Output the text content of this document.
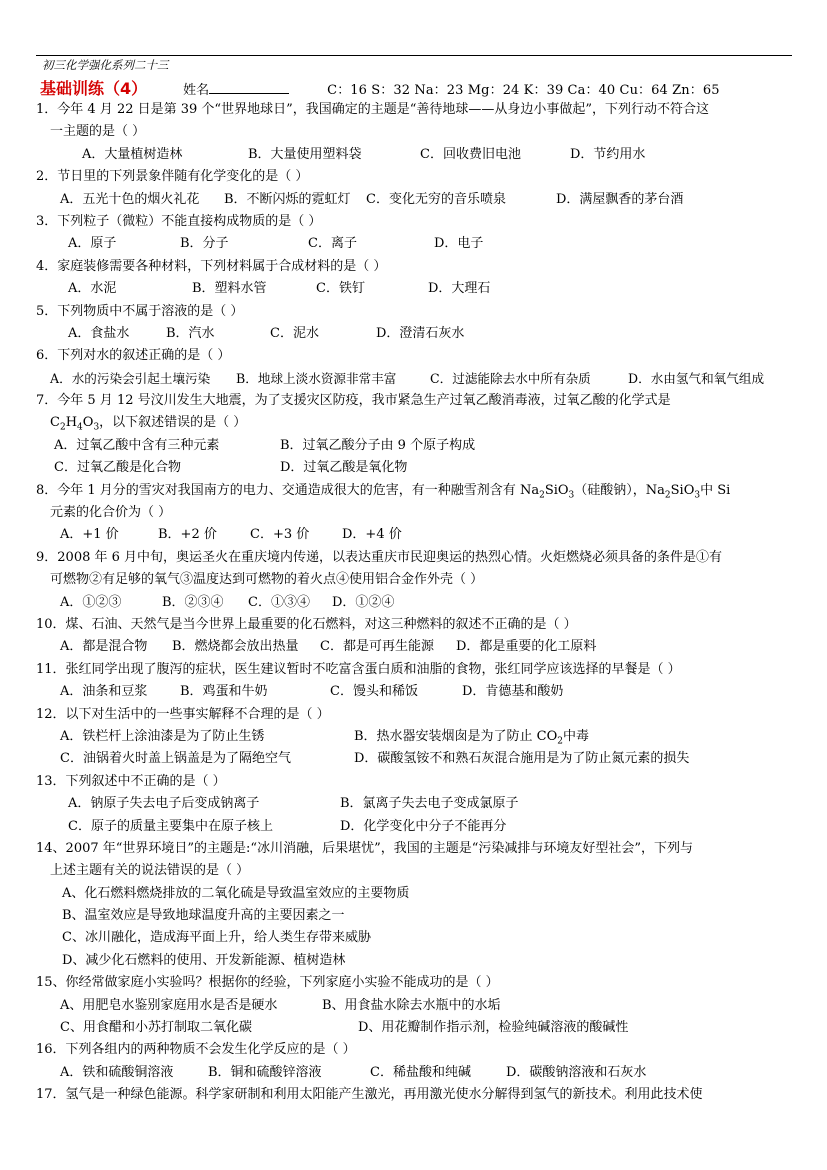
初三化学强化系列二十三
基础训练（4）	姓名	C：16 S：32 Na：23 Mg：24 K：39 Ca：40 Cu：64 Zn：65
1．今年 4 月 22 日是第 39 个“世界地球日”，我国确定的主题是“善待地球——从身边小事做起”，下列行动不符合这
一主题的是（ ）
A．大量植树造林	B．大量使用塑料袋	C．回收费旧电池	D．节约用水
2．节日里的下列景象伴随有化学变化的是（ ）
A．五光十色的烟火礼花 B．不断闪烁的霓虹灯 C．变化无穷的音乐喷泉	D．满屋飘香的茅台酒
3．下列粒子（微粒）不能直接构成物质的是（ ）
A．原子	B．分子	C．离子	D．电子
4．家庭装修需要各种材料，下列材料属于合成材料的是（ ）
A．水泥	B．塑料水管	C．铁钉	D．大理石
5．下列物质中不属于溶液的是（ ）
A．食盐水	B．汽水	C．泥水	D．澄清石灰水
6．下列对水的叙述正确的是（ ）
A．水的污染会引起土壤污染 B．地球上淡水资源非常丰富	C．过滤能除去水中所有杂质	D．水由氢气和氧气组成
7．今年 5 月 12 号汶川发生大地震，为了支援灾区防疫，我市紧急生产过氧乙酸消毒液，过氧乙酸的化学式是
$C_2H_4O_3$，以下叙述错误的是（ ）
A．过氧乙酸中含有三种元素	B．过氧乙酸分子由 9 个原子构成
C．过氧乙酸是化合物	D．过氧乙酸是氧化物
8．今年 1 月分的雪灾对我国南方的电力、交通造成很大的危害，有一种融雪剂含有 $Na_2SiO_3$（硅酸钠），$Na_2SiO_3$中 Si
元素的化合价为（ ）
A．+1 价	B．+2 价	C．+3 价	D．+4 价
9．2008 年 6 月中旬，奥运圣火在重庆境内传递，以表达重庆市民迎奥运的热烈心情。火炬燃烧必须具备的条件是①有
可燃物②有足够的氧气③温度达到可燃物的着火点④使用铝合金作外壳（ ）
A．①②③	B．②③④ C．①③④ D．①②④
10．煤、石油、天然气是当今世界上最重要的化石燃料，对这三种燃料的叙述不正确的是（ ）
A．都是混合物 B．燃烧都会放出热量 C．都是可再生能源 D．都是重要的化工原料
11．张红同学出现了腹泻的症状，医生建议暂时不吃富含蛋白质和油脂的食物，张红同学应该选择的早餐是（ ）
A．油条和豆浆	B．鸡蛋和牛奶	C．馒头和稀饭	D．肯德基和酸奶
12．以下对生活中的一些事实解释不合理的是（ ）
A．铁栏杆上涂油漆是为了防止生锈	B．热水器安装烟囱是为了防止 $CO_2$中毒
C．油锅着火时盖上锅盖是为了隔绝空气	D．碳酸氢铵不和熟石灰混合施用是为了防止氮元素的损失
13．下列叙述中不正确的是（ ）
A．钠原子失去电子后变成钠离子	B．氯离子失去电子变成氯原子
C．原子的质量主要集中在原子核上	D．化学变化中分子不能再分
14、2007 年“世界环境日”的主题是:“冰川消融，后果堪忧”，我国的主题是“污染减排与环境友好型社会”，下列与
上述主题有关的说法错误的是（ ）
A、化石燃料燃烧排放的二氧化硫是导致温室效应的主要物质
B、温室效应是导致地球温度升高的主要因素之一
C、冰川融化，造成海平面上升，给人类生存带来威胁
D、减少化石燃料的使用、开发新能源、植树造林
15、你经常做家庭小实验吗？根据你的经验，下列家庭小实验不能成功的是（ ）
A、用肥皂水鉴别家庭用水是否是硬水	B、用食盐水除去水瓶中的水垢
C、用食醋和小苏打制取二氧化碳	D、用花瓣制作指示剂，检验纯碱溶液的酸碱性
16．下列各组内的两种物质不会发生化学反应的是（ ）
A．铁和硫酸铜溶液	B．铜和硫酸锌溶液	C．稀盐酸和纯碱	D．碳酸钠溶液和石灰水
17．氢气是一种绿色能源。科学家研制和利用太阳能产生激光，再用激光使水分解得到氢气的新技术。利用此技术使
